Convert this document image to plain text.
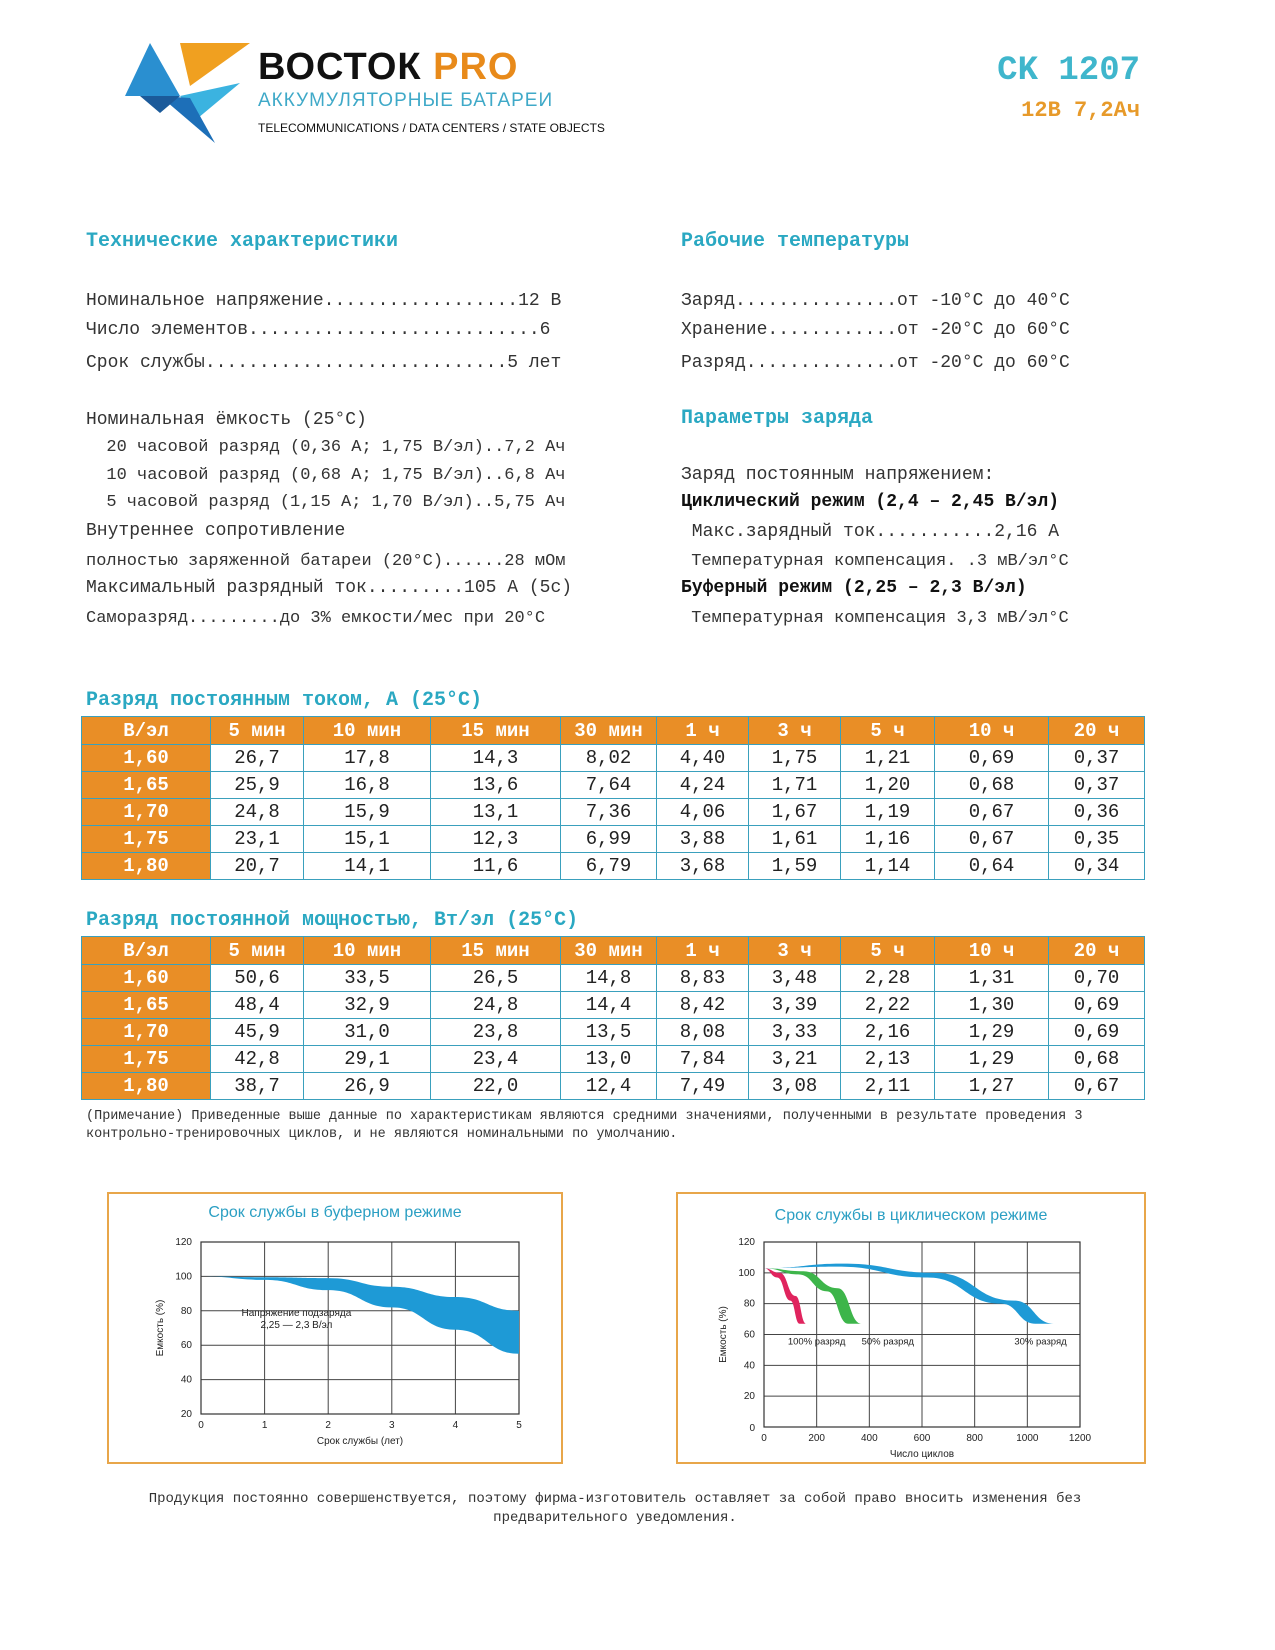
ВОСТОК PRO
АККУМУЛЯТОРНЫЕ БАТАРЕИ
TELECOMMUNICATIONS / DATA CENTERS / STATE OBJECTS
CK 1207
12В 7,2Ач
Технические характеристики
Номинальное напряжение..................12 В
Число элементов...........................6
Срок службы............................5 лет
Номинальная ёмкость (25°C)
20 часовой разряд (0,36 А; 1,75 В/эл)..7,2 Ач
10 часовой разряд (0,68 А; 1,75 В/эл)..6,8 Ач
5 часовой разряд (1,15 А; 1,70 В/эл)..5,75 Ач
Внутреннее сопротивление
полностью заряженной батареи (20°C)......28 мОм
Максимальный разрядный ток.........105 А (5с)
Саморазряд.........до 3% емкости/мес при 20°C
Рабочие температуры
Заряд...............от -10°C до 40°C
Хранение............от -20°C до 60°C
Разряд..............от -20°C до 60°C
Параметры заряда
Заряд постоянным напряжением:
Циклический режим (2,4 – 2,45 В/эл)
Макс.зарядный ток...........2,16 А
Температурная компенсация. .3 мВ/эл°C
Буферный режим (2,25 – 2,3 В/эл)
Температурная компенсация 3,3 мВ/эл°C
Разряд постоянным током, А (25°C)
В/эл	5 мин	10 мин	15 мин	30 мин	1 ч	3 ч	5 ч	10 ч	20 ч
1,60	26,7	17,8	14,3	8,02	4,40	1,75	1,21	0,69	0,37
1,65	25,9	16,8	13,6	7,64	4,24	1,71	1,20	0,68	0,37
1,70	24,8	15,9	13,1	7,36	4,06	1,67	1,19	0,67	0,36
1,75	23,1	15,1	12,3	6,99	3,88	1,61	1,16	0,67	0,35
1,80	20,7	14,1	11,6	6,79	3,68	1,59	1,14	0,64	0,34
Разряд постоянной мощностью, Вт/эл (25°C)
В/эл	5 мин	10 мин	15 мин	30 мин	1 ч	3 ч	5 ч	10 ч	20 ч
1,60	50,6	33,5	26,5	14,8	8,83	3,48	2,28	1,31	0,70
1,65	48,4	32,9	24,8	14,4	8,42	3,39	2,22	1,30	0,69
1,70	45,9	31,0	23,8	13,5	8,08	3,33	2,16	1,29	0,69
1,75	42,8	29,1	23,4	13,0	7,84	3,21	2,13	1,29	0,68
1,80	38,7	26,9	22,0	12,4	7,49	3,08	2,11	1,27	0,67
(Примечание) Приведенные выше данные по характеристикам являются средними значениями, полученными в результате проведения 3 контрольно-тренировочных циклов, и не являются номинальными по умолчанию.
Срок службы в буферном режиме
0	1	2	3	4	5
20
40
60
80
100
120
Срок службы (лет)
Емкость (%)	Напряжение подзаряда
2,25 — 2,3 В/эл
Срок службы в циклическом режиме
0	200	400	600	800	1000	1200
20
40
60
80
100
120
0
Число циклов
Емкость (%)	100% разряд 50% разряд	30% разряд
Продукция постоянно совершенствуется, поэтому фирма-изготовитель оставляет за собой право вносить изменения без предварительного уведомления.
